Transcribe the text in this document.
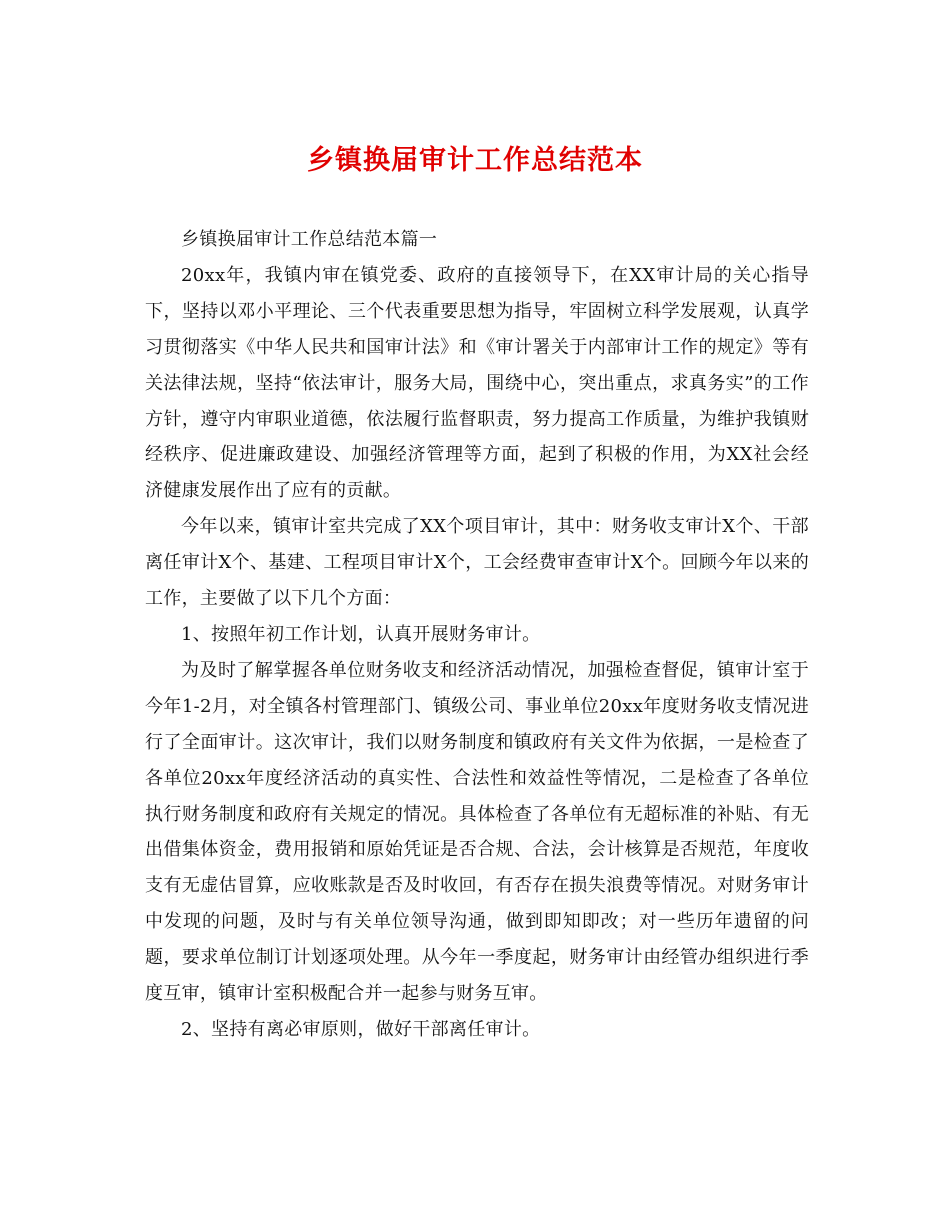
乡镇换届审计工作总结范本

乡镇换届审计工作总结范本篇一

20xx年，我镇内审在镇党委、政府的直接领导下，在XX审计局的关心指导下，坚持以邓小平理论、三个代表重要思想为指导，牢固树立科学发展观，认真学习贯彻落实《中华人民共和国审计法》和《审计署关于内部审计工作的规定》等有关法律法规，坚持“依法审计，服务大局，围绕中心，突出重点，求真务实”的工作方针，遵守内审职业道德，依法履行监督职责，努力提高工作质量，为维护我镇财经秩序、促进廉政建设、加强经济管理等方面，起到了积极的作用，为XX社会经济健康发展作出了应有的贡献。

今年以来，镇审计室共完成了XX个项目审计，其中：财务收支审计X个、干部离任审计X个、基建、工程项目审计X个，工会经费审查审计X个。回顾今年以来的工作，主要做了以下几个方面：

1、按照年初工作计划，认真开展财务审计。

为及时了解掌握各单位财务收支和经济活动情况，加强检查督促，镇审计室于今年1-2月，对全镇各村管理部门、镇级公司、事业单位20xx年度财务收支情况进行了全面审计。这次审计，我们以财务制度和镇政府有关文件为依据，一是检查了各单位20xx年度经济活动的真实性、合法性和效益性等情况，二是检查了各单位执行财务制度和政府有关规定的情况。具体检查了各单位有无超标准的补贴、有无出借集体资金，费用报销和原始凭证是否合规、合法，会计核算是否规范，年度收支有无虚估冒算，应收账款是否及时收回，有否存在损失浪费等情况。对财务审计中发现的问题，及时与有关单位领导沟通，做到即知即改；对一些历年遗留的问题，要求单位制订计划逐项处理。从今年一季度起，财务审计由经管办组织进行季度互审，镇审计室积极配合并一起参与财务互审。

2、坚持有离必审原则，做好干部离任审计。
